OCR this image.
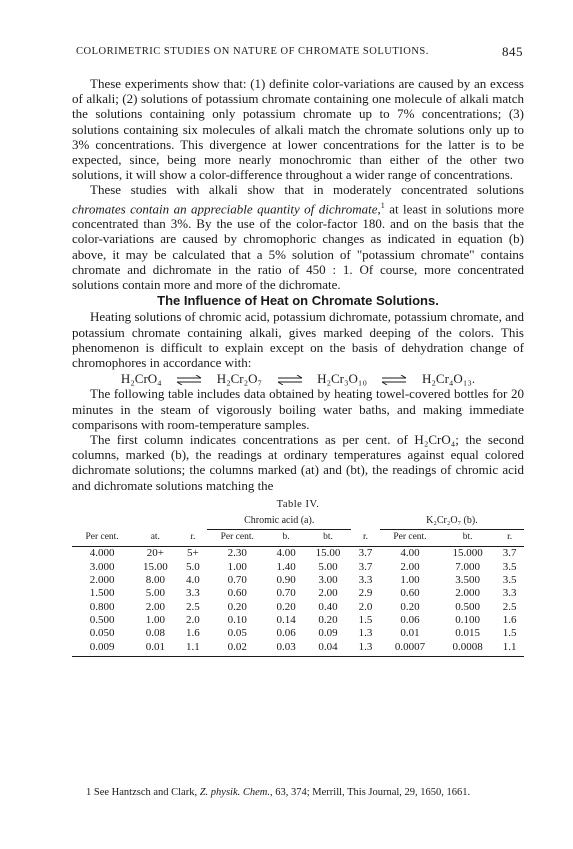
COLORIMETRIC STUDIES ON NATURE OF CHROMATE SOLUTIONS.	845

These experiments show that: (1) definite color-variations are caused by an excess of alkali; (2) solutions of potassium chromate containing one molecule of alkali match the solutions containing only potassium chromate up to 7% concentrations; (3) solutions containing six molecules of alkali match the chromate solutions only up to 3% concentrations. This divergence at lower concentrations for the latter is to be expected, since, being more nearly monochromic than either of the other two solutions, it will show a color-difference throughout a wider range of concentrations.

These studies with alkali show that in moderately concentrated solutions chromates contain an appreciable quantity of dichromate,$^1$ at least in solutions more concentrated than 3%. By the use of the color-factor 180. and on the basis that the color-variations are caused by chromophoric changes as indicated in equation (b) above, it may be calculated that a 5% solution of "potassium chromate" contains chromate and dichromate in the ratio of 450 : 1. Of course, more concentrated solutions contain more and more of the dichromate.

The Influence of Heat on Chromate Solutions.

Heating solutions of chromic acid, potassium dichromate, potassium chromate, and potassium chromate containing alkali, gives marked deeping of the colors. This phenomenon is difficult to explain except on the basis of dehydration change of chromophores in accordance with:

H₂CrO₄ ⇌ H₂Cr₂O₇ ⇌ H₂Cr₃O₁₀ ⇌ H₂Cr₄O₁₃.

The following table includes data obtained by heating towel-covered bottles for 20 minutes in the steam of vigorously boiling water baths, and making immediate comparisons with room-temperature samples.

The first column indicates concentrations as per cent. of H₂CrO₄; the second columns, marked (b), the readings at ordinary temperatures against equal colored dichromate solutions; the columns marked (at) and (bt), the readings of chromic acid and dichromate solutions matching the

Table IV.
			Chromic acid (a).				K₂Cr₂O₇ (b).		
Per cent.	at.	r.	Per cent.	b.	bt.	r.	Per cent.	bt.	r.
4.000	20+	5+	2.30	4.00	15.00	3.7	4.00	15.000	3.7
3.000	15.00	5.0	1.00	1.40	5.00	3.7	2.00	7.000	3.5
2.000	8.00	4.0	0.70	0.90	3.00	3.3	1.00	3.500	3.5
1.500	5.00	3.3	0.60	0.70	2.00	2.9	0.60	2.000	3.3
0.800	2.00	2.5	0.20	0.20	0.40	2.0	0.20	0.500	2.5
0.500	1.00	2.0	0.10	0.14	0.20	1.5	0.06	0.100	1.6
0.050	0.08	1.6	0.05	0.06	0.09	1.3	0.01	0.015	1.5
0.009	0.01	1.1	0.02	0.03	0.04	1.3	0.0007	0.0008	1.1

1 See Hantzsch and Clark, Z. physik. Chem., 63, 374; Merrill, This Journal, 29, 1650, 1661.
